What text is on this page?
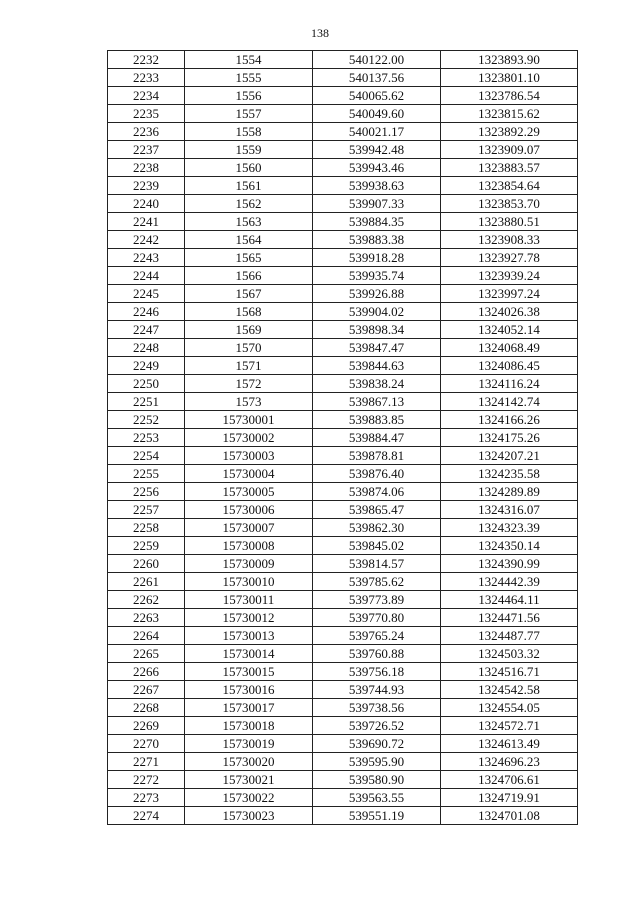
138
2232	1554	540122.00	1323893.90
2233	1555	540137.56	1323801.10
2234	1556	540065.62	1323786.54
2235	1557	540049.60	1323815.62
2236	1558	540021.17	1323892.29
2237	1559	539942.48	1323909.07
2238	1560	539943.46	1323883.57
2239	1561	539938.63	1323854.64
2240	1562	539907.33	1323853.70
2241	1563	539884.35	1323880.51
2242	1564	539883.38	1323908.33
2243	1565	539918.28	1323927.78
2244	1566	539935.74	1323939.24
2245	1567	539926.88	1323997.24
2246	1568	539904.02	1324026.38
2247	1569	539898.34	1324052.14
2248	1570	539847.47	1324068.49
2249	1571	539844.63	1324086.45
2250	1572	539838.24	1324116.24
2251	1573	539867.13	1324142.74
2252	15730001	539883.85	1324166.26
2253	15730002	539884.47	1324175.26
2254	15730003	539878.81	1324207.21
2255	15730004	539876.40	1324235.58
2256	15730005	539874.06	1324289.89
2257	15730006	539865.47	1324316.07
2258	15730007	539862.30	1324323.39
2259	15730008	539845.02	1324350.14
2260	15730009	539814.57	1324390.99
2261	15730010	539785.62	1324442.39
2262	15730011	539773.89	1324464.11
2263	15730012	539770.80	1324471.56
2264	15730013	539765.24	1324487.77
2265	15730014	539760.88	1324503.32
2266	15730015	539756.18	1324516.71
2267	15730016	539744.93	1324542.58
2268	15730017	539738.56	1324554.05
2269	15730018	539726.52	1324572.71
2270	15730019	539690.72	1324613.49
2271	15730020	539595.90	1324696.23
2272	15730021	539580.90	1324706.61
2273	15730022	539563.55	1324719.91
2274	15730023	539551.19	1324701.08
